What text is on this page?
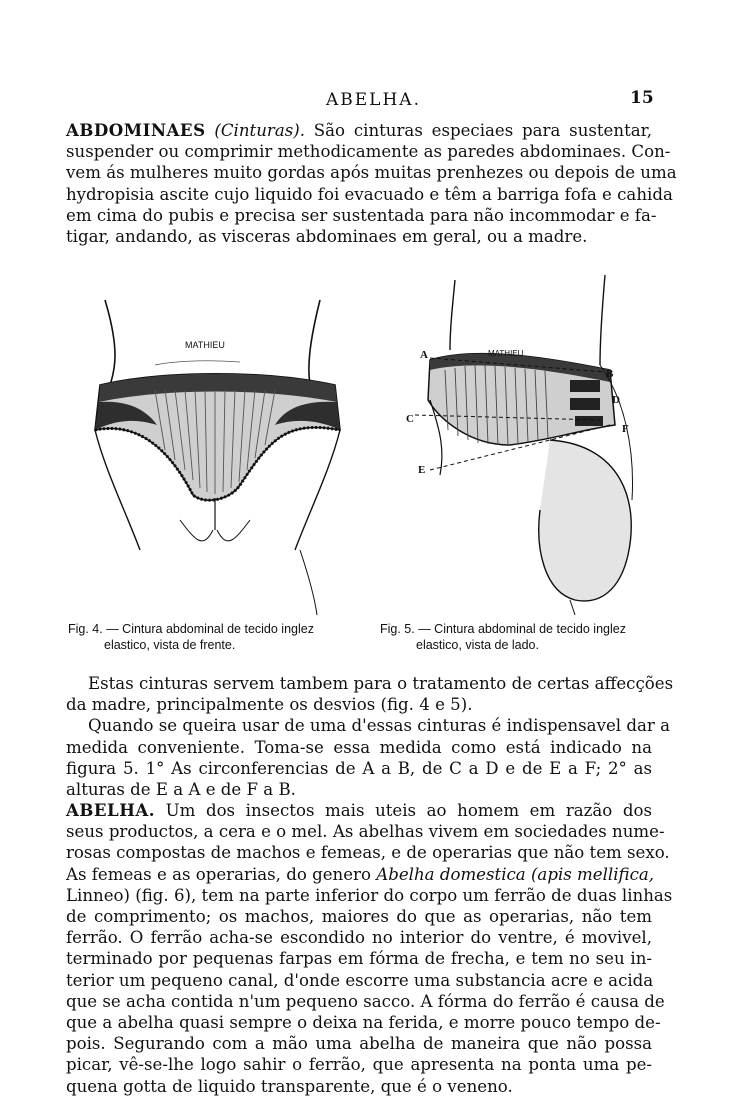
ABELHA.	15
ABDOMINAES (Cinturas). São cinturas especiaes para sustentar,
suspender ou comprimir methodicamente as paredes abdominaes. Con-
vem ás mulheres muito gordas após muitas prenhezes ou depois de uma
hydropisia ascite cujo liquido foi evacuado e têm a barriga fofa e cahida
em cima do pubis e precisa ser sustentada para não incommodar e fa-
tigar, andando, as visceras abdominaes em geral, ou a madre.
MATHIEU
A
B
C
D
E
F
MATHIEU
Fig. 4. — Cintura abdominal de tecido inglez
elastico, vista de frente.
Fig. 5. — Cintura abdominal de tecido inglez
elastico, vista de lado.
Estas cinturas servem tambem para o tratamento de certas affecções
da madre, principalmente os desvios (fig. 4 e 5).
Quando se queira usar de uma d'essas cinturas é indispensavel dar a
medida conveniente. Toma-se essa medida como está indicado na
figura 5. 1° As circonferencias de A a B, de C a D e de E a F; 2° as
alturas de E a A e de F a B.
ABELHA. Um dos insectos mais uteis ao homem em razão dos
seus productos, a cera e o mel. As abelhas vivem em sociedades nume-
rosas compostas de machos e femeas, e de operarias que não tem sexo.
As femeas e as operarias, do genero Abelha domestica (apis mellifica,
Linneo) (fig. 6), tem na parte inferior do corpo um ferrão de duas linhas
de comprimento; os machos, maiores do que as operarias, não tem
ferrão. O ferrão acha-se escondido no interior do ventre, é movivel,
terminado por pequenas farpas em fórma de frecha, e tem no seu in-
terior um pequeno canal, d'onde escorre uma substancia acre e acida
que se acha contida n'um pequeno sacco. A fórma do ferrão é causa de
que a abelha quasi sempre o deixa na ferida, e morre pouco tempo de-
pois. Segurando com a mão uma abelha de maneira que não possa
picar, vê-se-lhe logo sahir o ferrão, que apresenta na ponta uma pe-
quena gotta de liquido transparente, que é o veneno.
